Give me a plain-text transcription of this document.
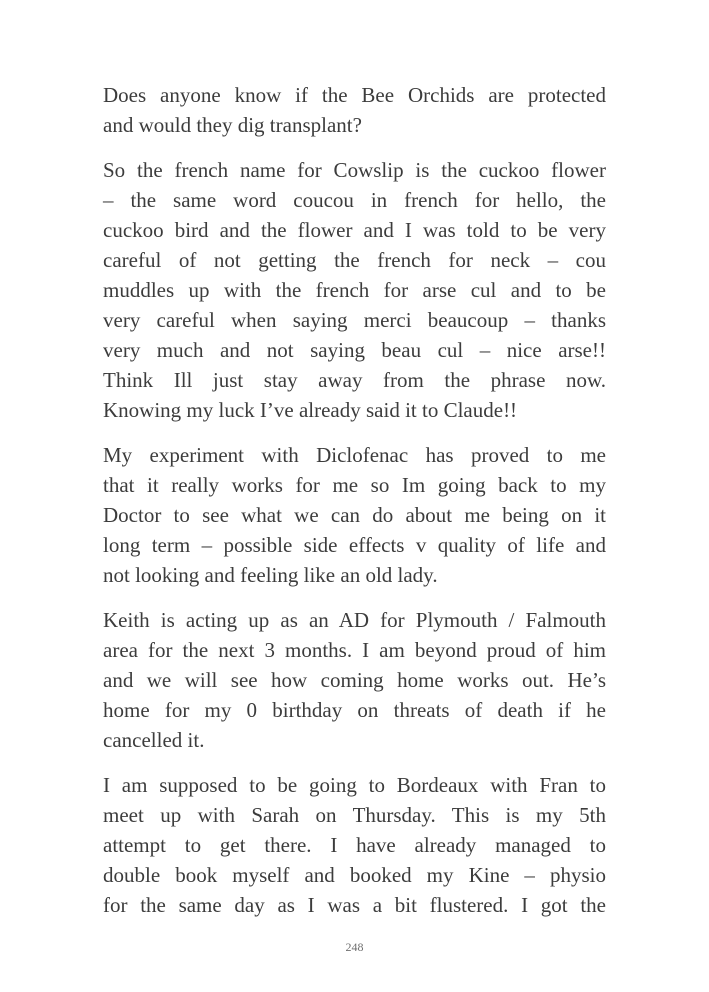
Does anyone know if the Bee Orchids are protected
and would they dig transplant?
So the french name for Cowslip is the cuckoo flower
– the same word coucou in french for hello, the
cuckoo bird and the flower and I was told to be very
careful of not getting the french for neck – cou
muddles up with the french for arse cul and to be
very careful when saying merci beaucoup – thanks
very much and not saying beau cul – nice arse!!
Think Ill just stay away from the phrase now.
Knowing my luck I’ve already said it to Claude!!
My experiment with Diclofenac has proved to me
that it really works for me so Im going back to my
Doctor to see what we can do about me being on it
long term – possible side effects v quality of life and
not looking and feeling like an old lady.
Keith is acting up as an AD for Plymouth / Falmouth
area for the next 3 months. I am beyond proud of him
and we will see how coming home works out. He’s
home for my 0 birthday on threats of death if he
cancelled it.
I am supposed to be going to Bordeaux with Fran to
meet up with Sarah on Thursday. This is my 5th
attempt to get there. I have already managed to
double book myself and booked my Kine – physio
for the same day as I was a bit flustered. I got the
248
